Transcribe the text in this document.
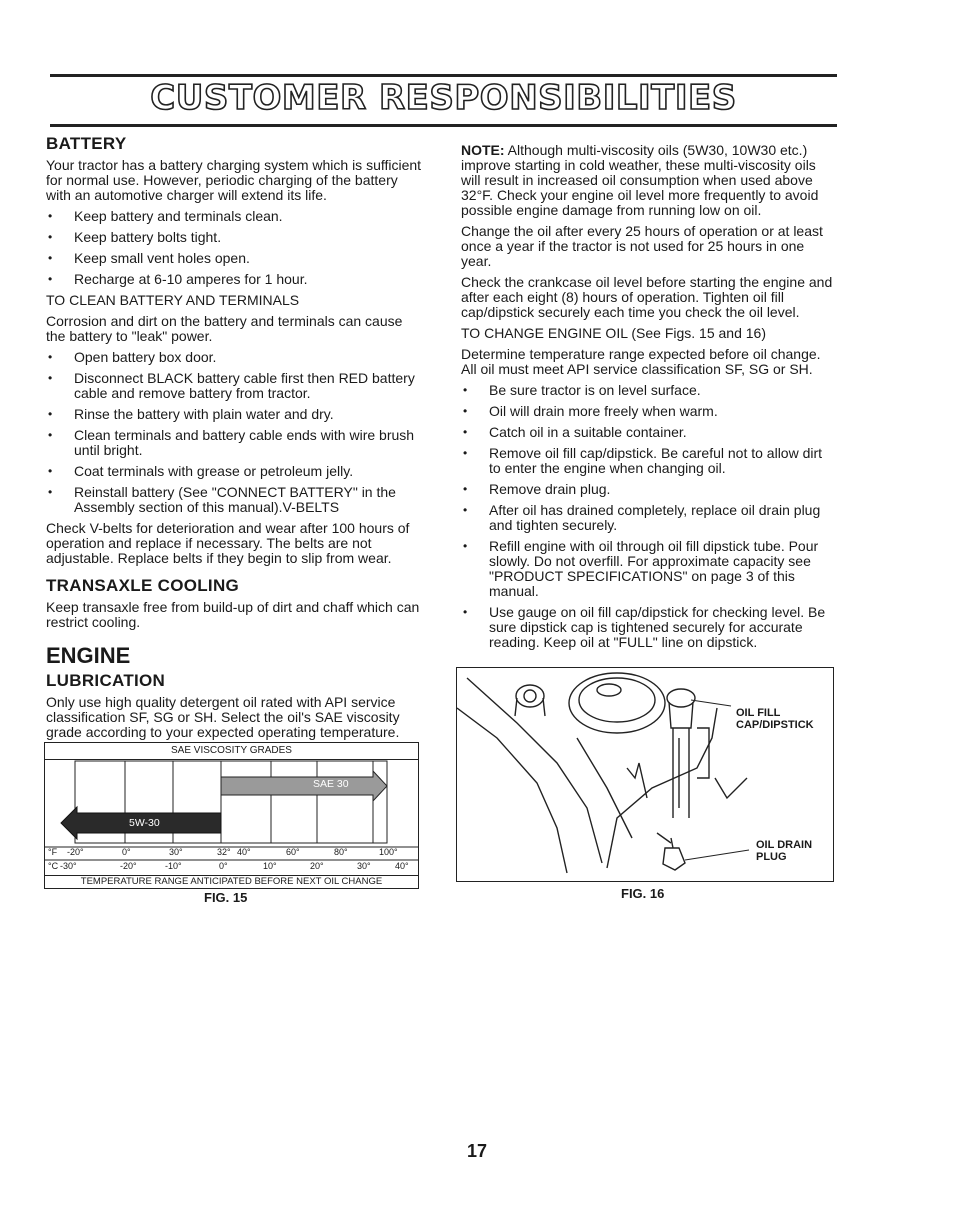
CUSTOMER RESPONSIBILITIES
BATTERY

Your tractor has a battery charging system which is sufficient for normal use. However, periodic charging of the battery with an automotive charger will extend its life.

• Keep battery and terminals clean.
• Keep battery bolts tight.
• Keep small vent holes open.
• Recharge at 6-10 amperes for 1 hour.

TO CLEAN BATTERY AND TERMINALS

Corrosion and dirt on the battery and terminals can cause the battery to "leak" power.

• Open battery box door.
• Disconnect BLACK battery cable first then RED battery cable and remove battery from tractor.
• Rinse the battery with plain water and dry.
• Clean terminals and battery cable ends with wire brush until bright.
• Coat terminals with grease or petroleum jelly.
• Reinstall battery (See "CONNECT BATTERY" in the Assembly section of this manual).V-BELTS

Check V-belts for deterioration and wear after 100 hours of operation and replace if necessary. The belts are not adjustable. Replace belts if they begin to slip from wear.

TRANSAXLE COOLING

Keep transaxle free from build-up of dirt and chaff which can restrict cooling.

ENGINE
LUBRICATION

Only use high quality detergent oil rated with API service classification SF, SG or SH. Select the oil's SAE viscosity grade according to your expected operating temperature.

SAE VISCOSITY GRADES
SAE 30
5W-30
°F -20°	0°	30°	32° 40°	60°	80°	100°
°C -30°	-20°	-10°	0°	10°	20°	30°	40°
TEMPERATURE RANGE ANTICIPATED BEFORE NEXT OIL CHANGE
FIG. 15

NOTE: Although multi-viscosity oils (5W30, 10W30 etc.) improve starting in cold weather, these multi-viscosity oils will result in increased oil consumption when used above 32°F. Check your engine oil level more frequently to avoid possible engine damage from running low on oil.

Change the oil after every 25 hours of operation or at least once a year if the tractor is not used for 25 hours in one year.

Check the crankcase oil level before starting the engine and after each eight (8) hours of operation. Tighten oil fill cap/dipstick securely each time you check the oil level.

TO CHANGE ENGINE OIL (See Figs. 15 and 16)

Determine temperature range expected before oil change. All oil must meet API service classification SF, SG or SH.

• Be sure tractor is on level surface.
• Oil will drain more freely when warm.
• Catch oil in a suitable container.
• Remove oil fill cap/dipstick. Be careful not to allow dirt to enter the engine when changing oil.
• Remove drain plug.
• After oil has drained completely, replace oil drain plug and tighten securely.
• Refill engine with oil through oil fill dipstick tube. Pour slowly. Do not overfill. For approximate capacity see "PRODUCT SPECIFICATIONS" on page 3 of this manual.
• Use gauge on oil fill cap/dipstick for checking level. Be sure dipstick cap is tightened securely for accurate reading. Keep oil at "FULL" line on dipstick.
OIL FILL
CAP/DIPSTICK
OIL DRAIN
PLUG
FIG. 16
17
